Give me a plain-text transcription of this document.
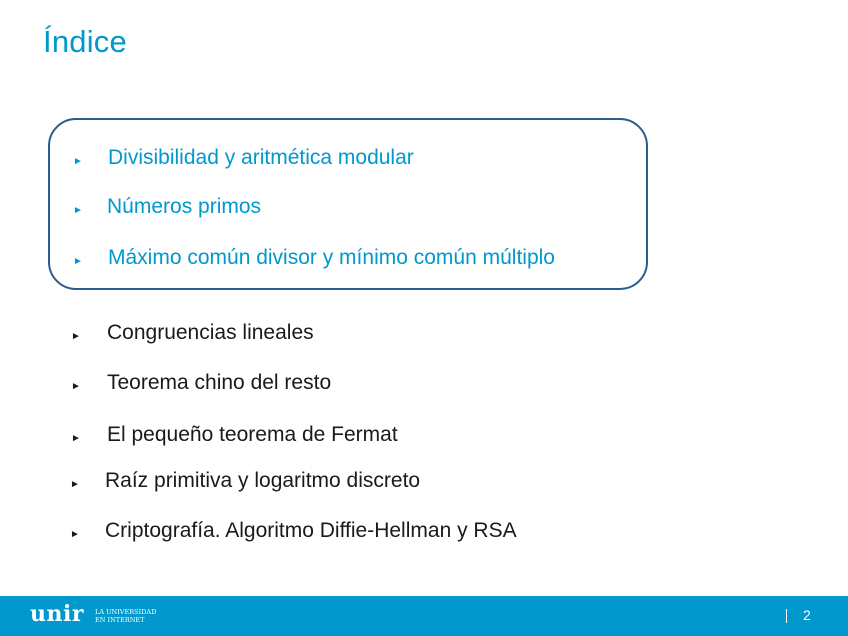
Índice
► Divisibilidad y aritmética modular
► Números primos
► Máximo común divisor y mínimo común múltiplo
► Congruencias lineales
► Teorema chino del resto
► El pequeño teorema de Fermat
► Raíz primitiva y logaritmo discreto
► Criptografía. Algoritmo Diffie-Hellman y RSA
unir LA UNIVERSIDAD
EN INTERNET	2
